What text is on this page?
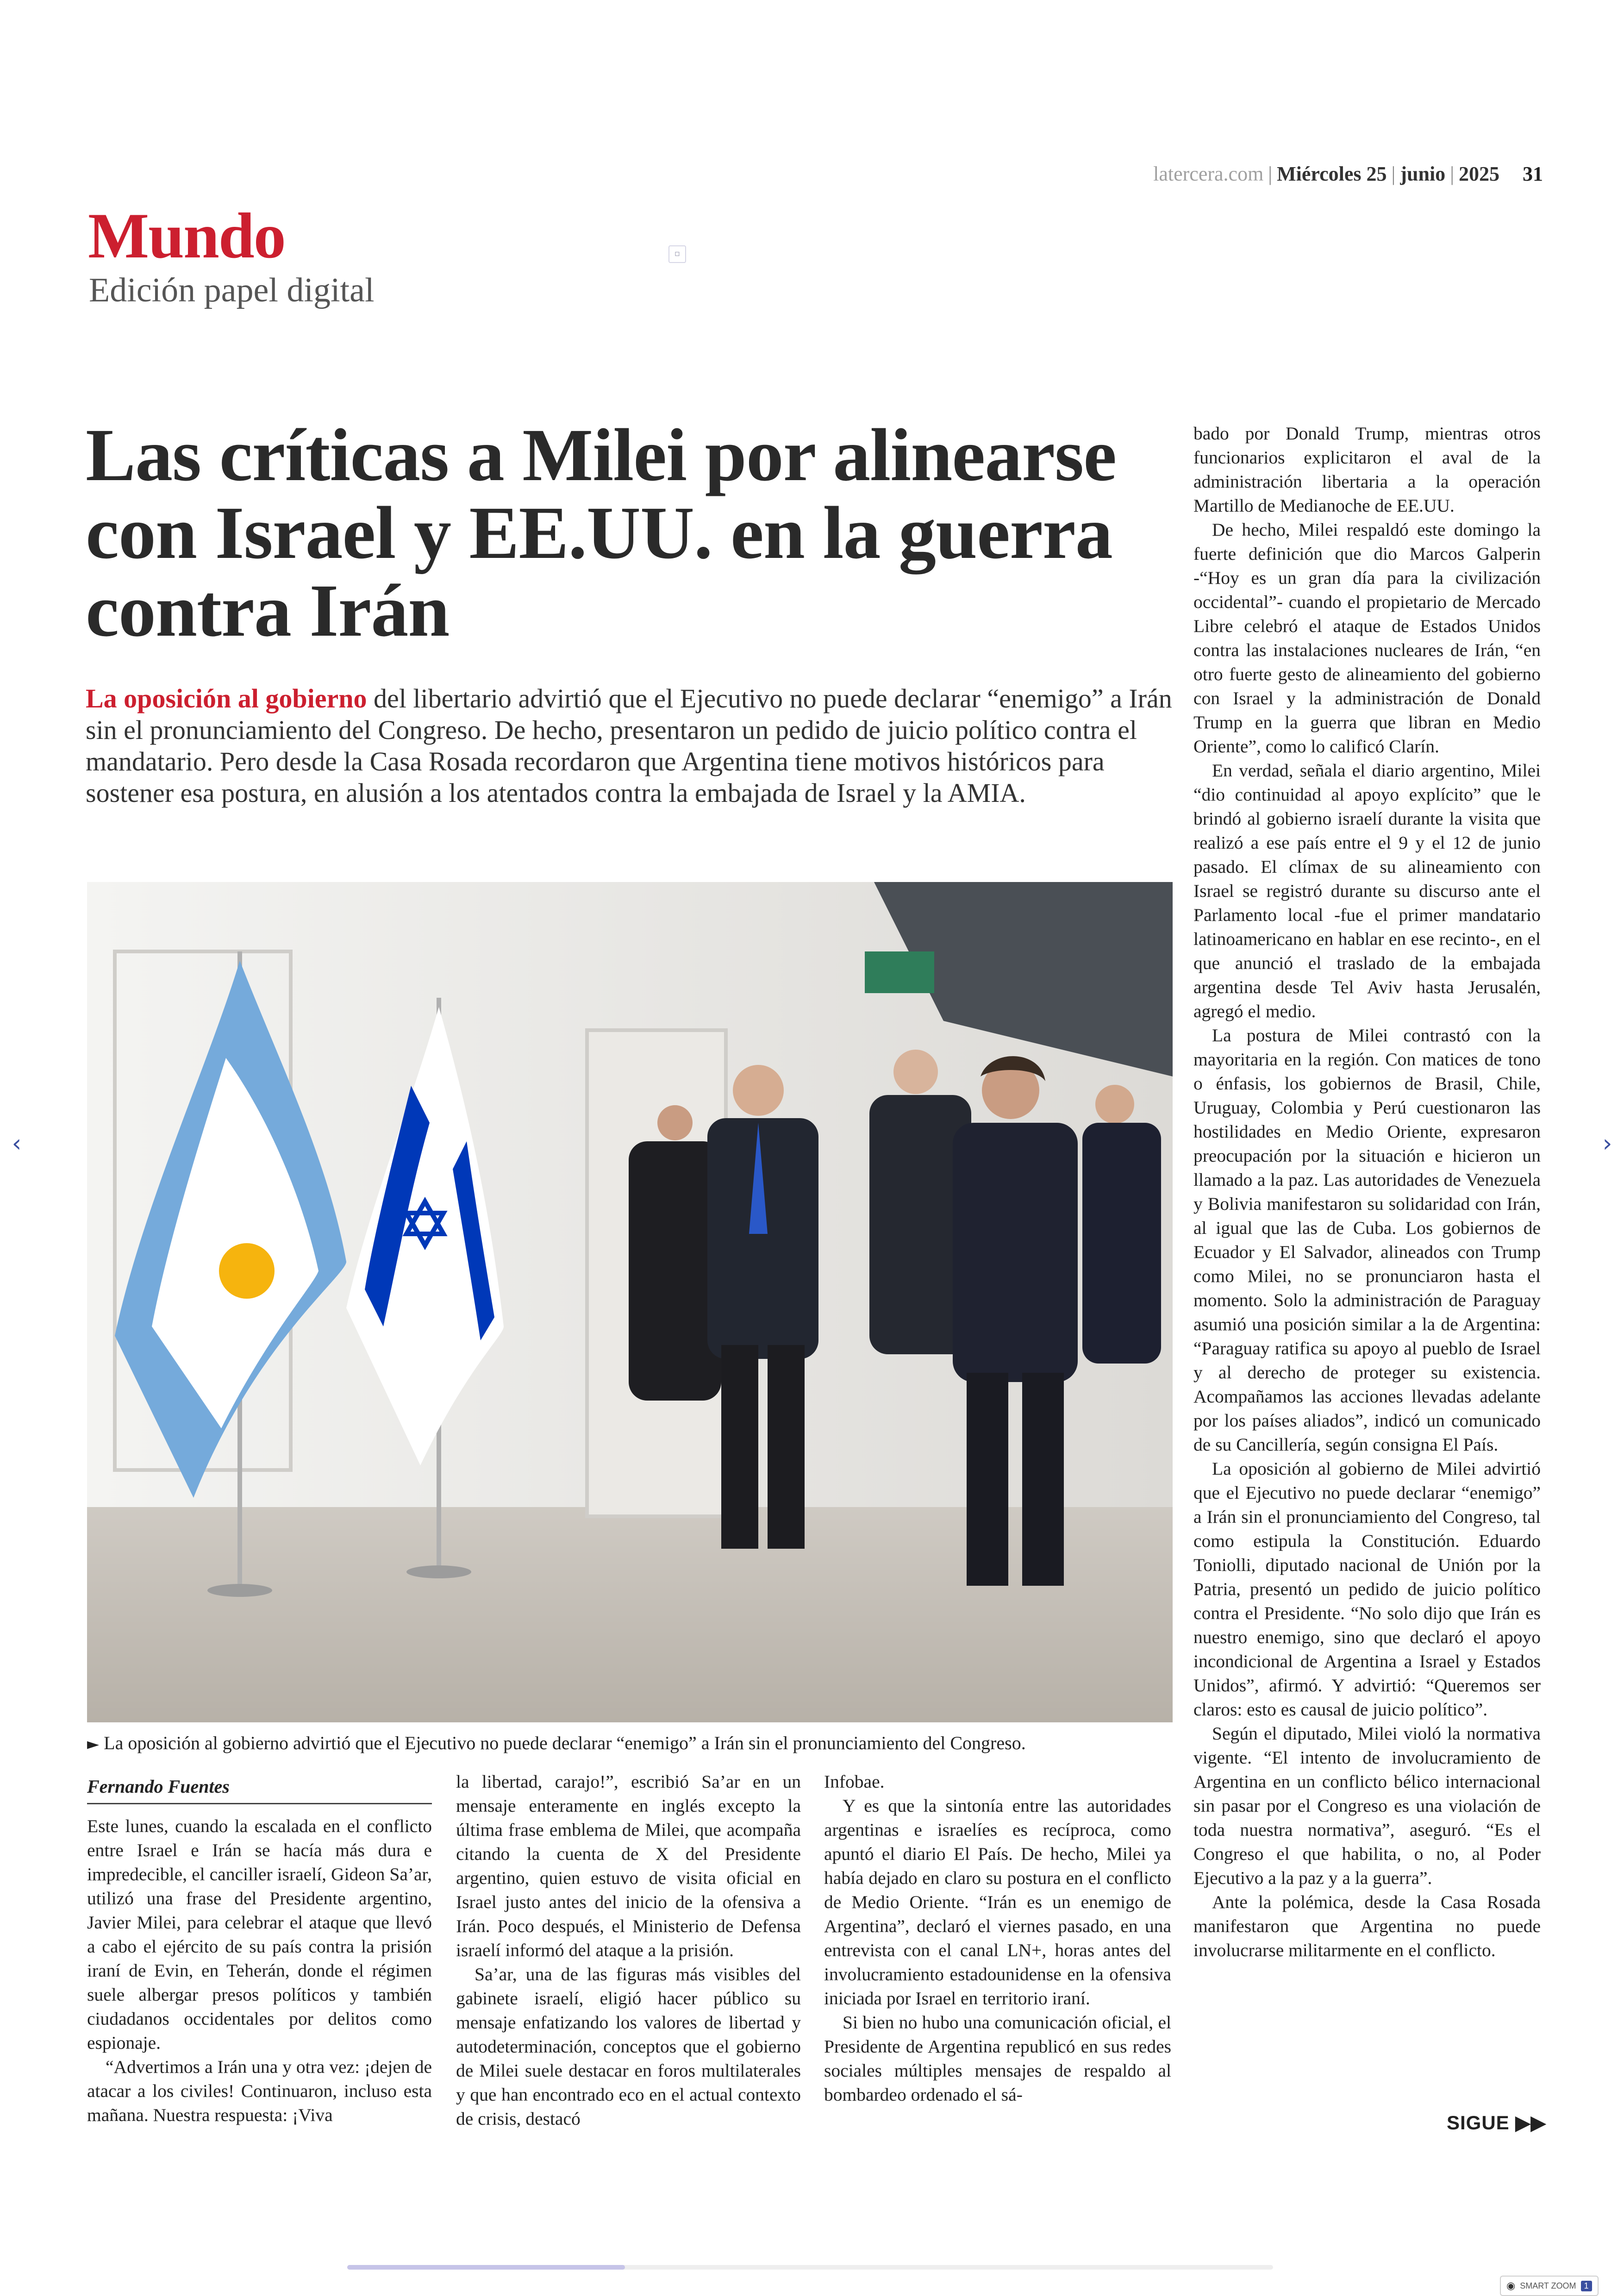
latercera.com | Miércoles 25 | junio | 2025 31
Mundo
Edición papel digital
▫
Las críticas a Milei por alinearse con Israel y EE.UU. en la guerra contra Irán

La oposición al gobierno del libertario advirtió que el Ejecutivo no puede declarar “enemigo” a Irán sin el pronunciamiento del Congreso. De hecho, presentaron un pedido de juicio político contra el mandatario. Pero desde la Casa Rosada recordaron que Argentina tiene motivos históricos para sostener esa postura, en alusión a los atentados contra la embajada de Israel y la AMIA.

► La oposición al gobierno advirtió que el Ejecutivo no puede declarar “enemigo” a Irán sin el pronunciamiento del Congreso.
Fernando Fuentes

Este lunes, cuando la escalada en el conflicto entre Israel e Irán se hacía más dura e impredecible, el canciller israelí, Gideon Sa’ar, utilizó una frase del Presidente argentino, Javier Milei, para celebrar el ataque que llevó a cabo el ejército de su país contra la prisión iraní de Evin, en Teherán, donde el régimen suele albergar presos políticos y también ciudadanos occidentales por delitos como espionaje.

“Advertimos a Irán una y otra vez: ¡dejen de atacar a los civiles! Continuaron, incluso esta mañana. Nuestra respuesta: ¡Viva

la libertad, carajo!”, escribió Sa’ar en un mensaje enteramente en inglés excepto la última frase emblema de Milei, que acompaña citando la cuenta de X del Presidente argentino, quien estuvo de visita oficial en Israel justo antes del inicio de la ofensiva a Irán. Poco después, el Ministerio de Defensa israelí informó del ataque a la prisión.

Sa’ar, una de las figuras más visibles del gabinete israelí, eligió hacer público su mensaje enfatizando los valores de libertad y autodeterminación, conceptos que el gobierno de Milei suele destacar en foros multilaterales y que han encontrado eco en el actual contexto de crisis, destacó

Infobae.

Y es que la sintonía entre las autoridades argentinas e israelíes es recíproca, como apuntó el diario El País. De hecho, Milei ya había dejado en claro su postura en el conflicto de Medio Oriente. “Irán es un enemigo de Argentina”, declaró el viernes pasado, en una entrevista con el canal LN+, horas antes del involucramiento estadounidense en la ofensiva iniciada por Israel en territorio iraní.

Si bien no hubo una comunicación oficial, el Presidente de Argentina republicó en sus redes sociales múltiples mensajes de respaldo al bombardeo ordenado el sá-

bado por Donald Trump, mientras otros funcionarios explicitaron el aval de la administración libertaria a la operación Martillo de Medianoche de EE.UU.

De hecho, Milei respaldó este domingo la fuerte definición que dio Marcos Galperin -“Hoy es un gran día para la civilización occidental”- cuando el propietario de Mercado Libre celebró el ataque de Estados Unidos contra las instalaciones nucleares de Irán, “en otro fuerte gesto de alineamiento del gobierno con Israel y la administración de Donald Trump en la guerra que libran en Medio Oriente”, como lo calificó Clarín.

En verdad, señala el diario argentino, Milei “dio continuidad al apoyo explícito” que le brindó al gobierno israelí durante la visita que realizó a ese país entre el 9 y el 12 de junio pasado. El clímax de su alineamiento con Israel se registró durante su discurso ante el Parlamento local -fue el primer mandatario latinoamericano en hablar en ese recinto-, en el que anunció el traslado de la embajada argentina desde Tel Aviv hasta Jerusalén, agregó el medio.

La postura de Milei contrastó con la mayoritaria en la región. Con matices de tono o énfasis, los gobiernos de Brasil, Chile, Uruguay, Colombia y Perú cuestionaron las hostilidades en Medio Oriente, expresaron preocupación por la situación e hicieron un llamado a la paz. Las autoridades de Venezuela y Bolivia manifestaron su solidaridad con Irán, al igual que las de Cuba. Los gobiernos de Ecuador y El Salvador, alineados con Trump como Milei, no se pronunciaron hasta el momento. Solo la administración de Paraguay asumió una posición similar a la de Argentina: “Paraguay ratifica su apoyo al pueblo de Israel y al derecho de proteger su existencia. Acompañamos las acciones llevadas adelante por los países aliados”, indicó un comunicado de su Cancillería, según consigna El País.

La oposición al gobierno de Milei advirtió que el Ejecutivo no puede declarar “enemigo” a Irán sin el pronunciamiento del Congreso, tal como estipula la Constitución. Eduardo Toniolli, diputado nacional de Unión por la Patria, presentó un pedido de juicio político contra el Presidente. “No solo dijo que Irán es nuestro enemigo, sino que declaró el apoyo incondicional de Argentina a Israel y Estados Unidos”, afirmó. Y advirtió: “Queremos ser claros: esto es causal de juicio político”.

Según el diputado, Milei violó la normativa vigente. “El intento de involucramiento de Argentina en un conflicto bélico internacional sin pasar por el Congreso es una violación de toda nuestra normativa”, aseguró. “Es el Congreso el que habilita, o no, al Poder Ejecutivo a la paz y a la guerra”.

Ante la polémica, desde la Casa Rosada manifestaron que Argentina no puede involucrarse militarmente en el conflicto.

SIGUE ▶▶
‹	›
◉ SMART ZOOM 1
